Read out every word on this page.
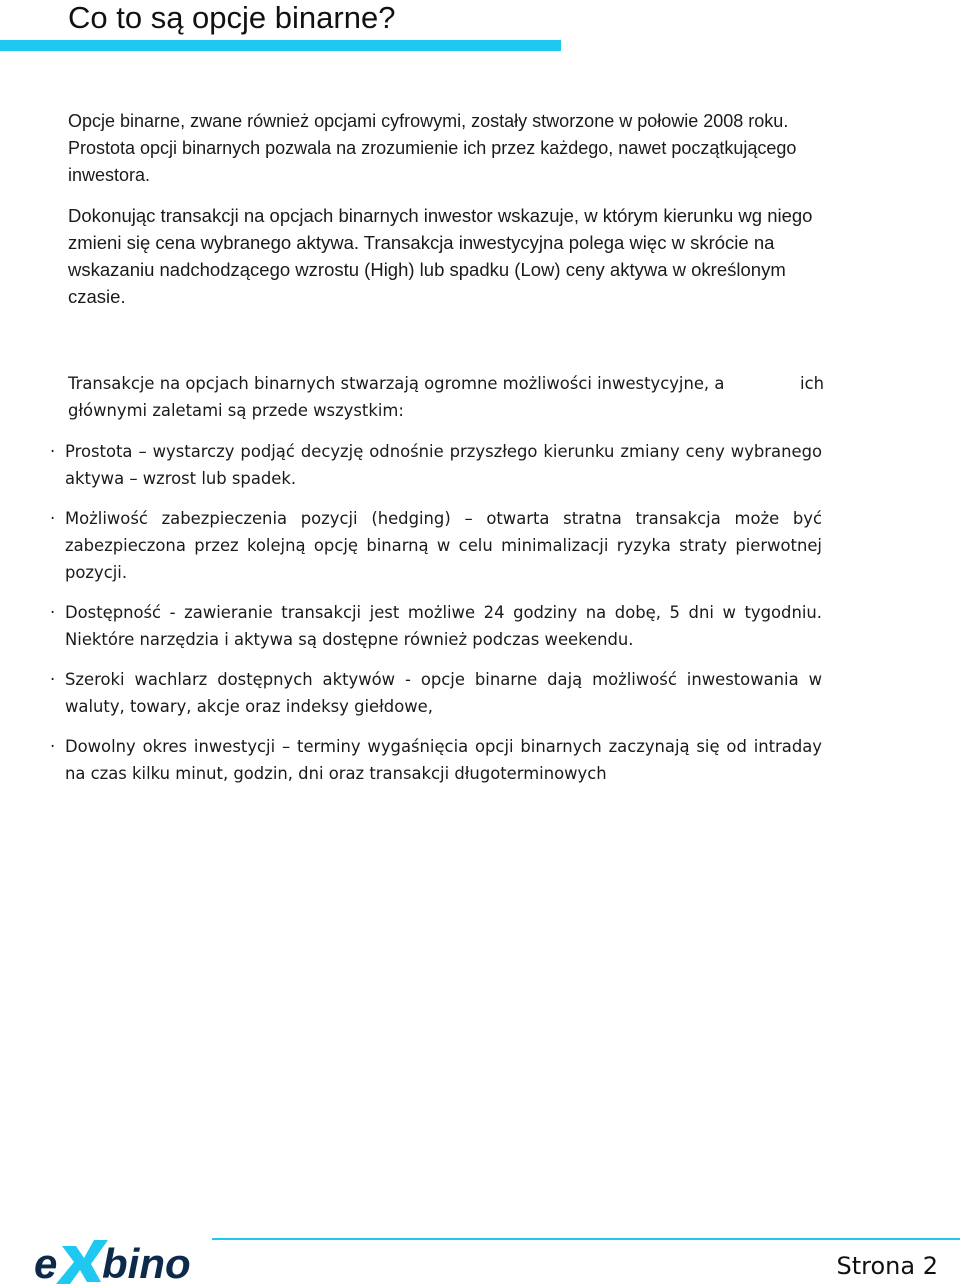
Co to są opcje binarne?

Opcje binarne, zwane również opcjami cyfrowymi, zostały stworzone w połowie 2008 roku. Prostota opcji binarnych pozwala na zrozumienie ich przez każdego, nawet początkującego inwestora.

Dokonując transakcji na opcjach binarnych inwestor wskazuje, w którym kierunku wg niego zmieni się cena wybranego aktywa. Transakcja inwestycyjna polega więc w skrócie na wskazaniu nadchodzącego wzrostu (High) lub spadku (Low) ceny aktywa w określonym czasie.

Transakcje na opcjach binarnych stwarzają ogromne możliwości inwestycyjne, a	ich

głównymi zaletami są przede wszystkim:

· Prostota – wystarczy podjąć decyzję odnośnie przyszłego kierunku zmiany ceny wybranego aktywa – wzrost lub spadek.
· Możliwość zabezpieczenia pozycji (hedging) – otwarta stratna transakcja może być zabezpieczona przez kolejną opcję binarną w celu minimalizacji ryzyka straty pierwotnej pozycji.
· Dostępność - zawieranie transakcji jest możliwe 24 godziny na dobę, 5 dni w tygodniu. Niektóre narzędzia i aktywa są dostępne również podczas weekendu.
· Szeroki wachlarz dostępnych aktywów - opcje binarne dają możliwość inwestowania w waluty, towary, akcje oraz indeksy giełdowe,
· Dowolny okres inwestycji – terminy wygaśnięcia opcji binarnych zaczynają się od intraday na czas kilku minut, godzin, dni oraz transakcji długoterminowych
e bino	Strona 2
